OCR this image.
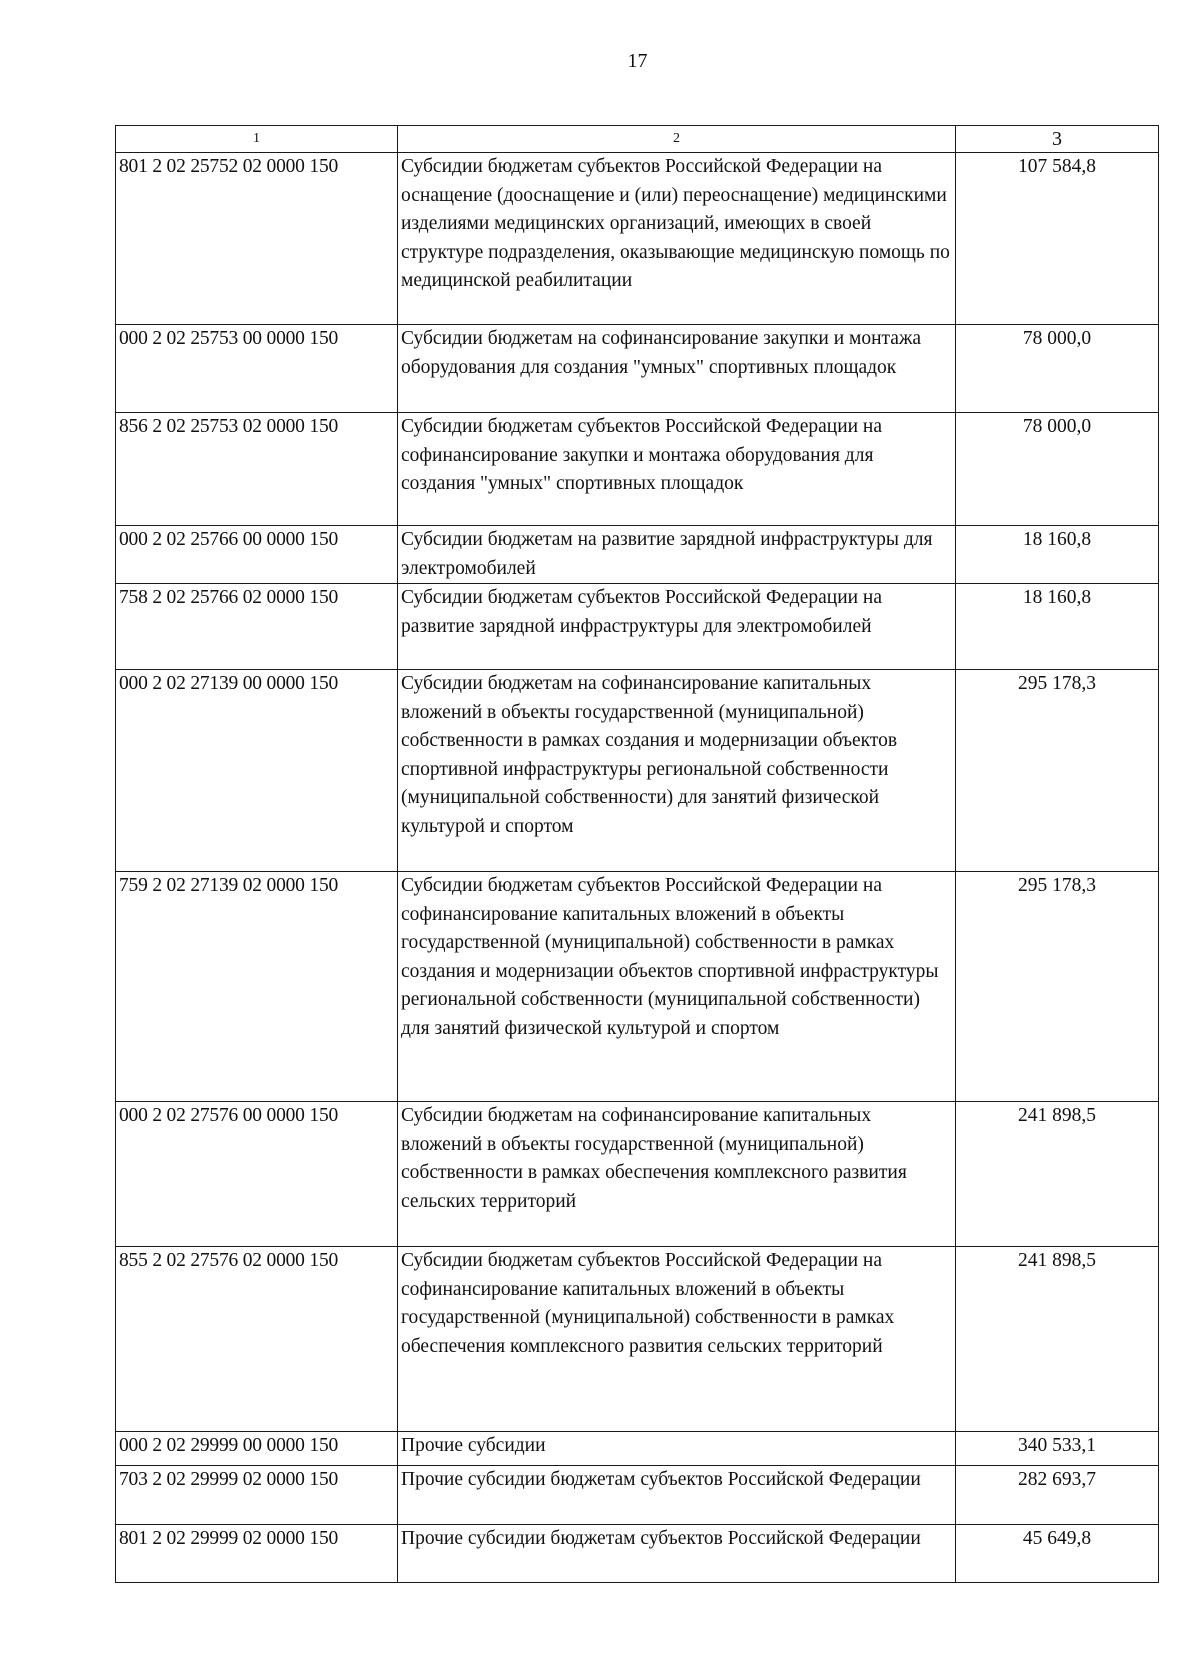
17
1	2	3
801 2 02 25752 02 0000 150	Субсидии бюджетам субъектов Российской Федерации на оснащение (дооснащение и (или) переоснащение) медицинскими изделиями медицинских организаций, имеющих в своей структуре подразделения, оказывающие медицинскую помощь по медицинской реабилитации	107 584,8
000 2 02 25753 00 0000 150	Субсидии бюджетам на софинансирование закупки и монтажа оборудования для создания "умных" спортивных площадок	78 000,0
856 2 02 25753 02 0000 150	Субсидии бюджетам субъектов Российской Федерации на софинансирование закупки и монтажа оборудования для создания "умных" спортивных площадок	78 000,0
000 2 02 25766 00 0000 150	Субсидии бюджетам на развитие зарядной инфраструктуры для электромобилей	18 160,8
758 2 02 25766 02 0000 150	Субсидии бюджетам субъектов Российской Федерации на развитие зарядной инфраструктуры для электромобилей	18 160,8
000 2 02 27139 00 0000 150	Субсидии бюджетам на софинансирование капитальных вложений в объекты государственной (муниципальной) собственности в рамках создания и модернизации объектов спортивной инфраструктуры региональной собственности (муниципальной собственности) для занятий физической культурой и спортом	295 178,3
759 2 02 27139 02 0000 150	Субсидии бюджетам субъектов Российской Федерации на софинансирование капитальных вложений в объекты государственной (муниципальной) собственности в рамках создания и модернизации объектов спортивной инфраструктуры региональной собственности (муниципальной собственности) для занятий физической культурой и спортом	295 178,3
000 2 02 27576 00 0000 150	Субсидии бюджетам на софинансирование капитальных вложений в объекты государственной (муниципальной) собственности в рамках обеспечения комплексного развития сельских территорий	241 898,5
855 2 02 27576 02 0000 150	Субсидии бюджетам субъектов Российской Федерации на софинансирование капитальных вложений в объекты государственной (муниципальной) собственности в рамках обеспечения комплексного развития сельских территорий	241 898,5
000 2 02 29999 00 0000 150	Прочие субсидии	340 533,1
703 2 02 29999 02 0000 150	Прочие субсидии бюджетам субъектов Российской Федерации	282 693,7
801 2 02 29999 02 0000 150	Прочие субсидии бюджетам субъектов Российской Федерации	45 649,8
